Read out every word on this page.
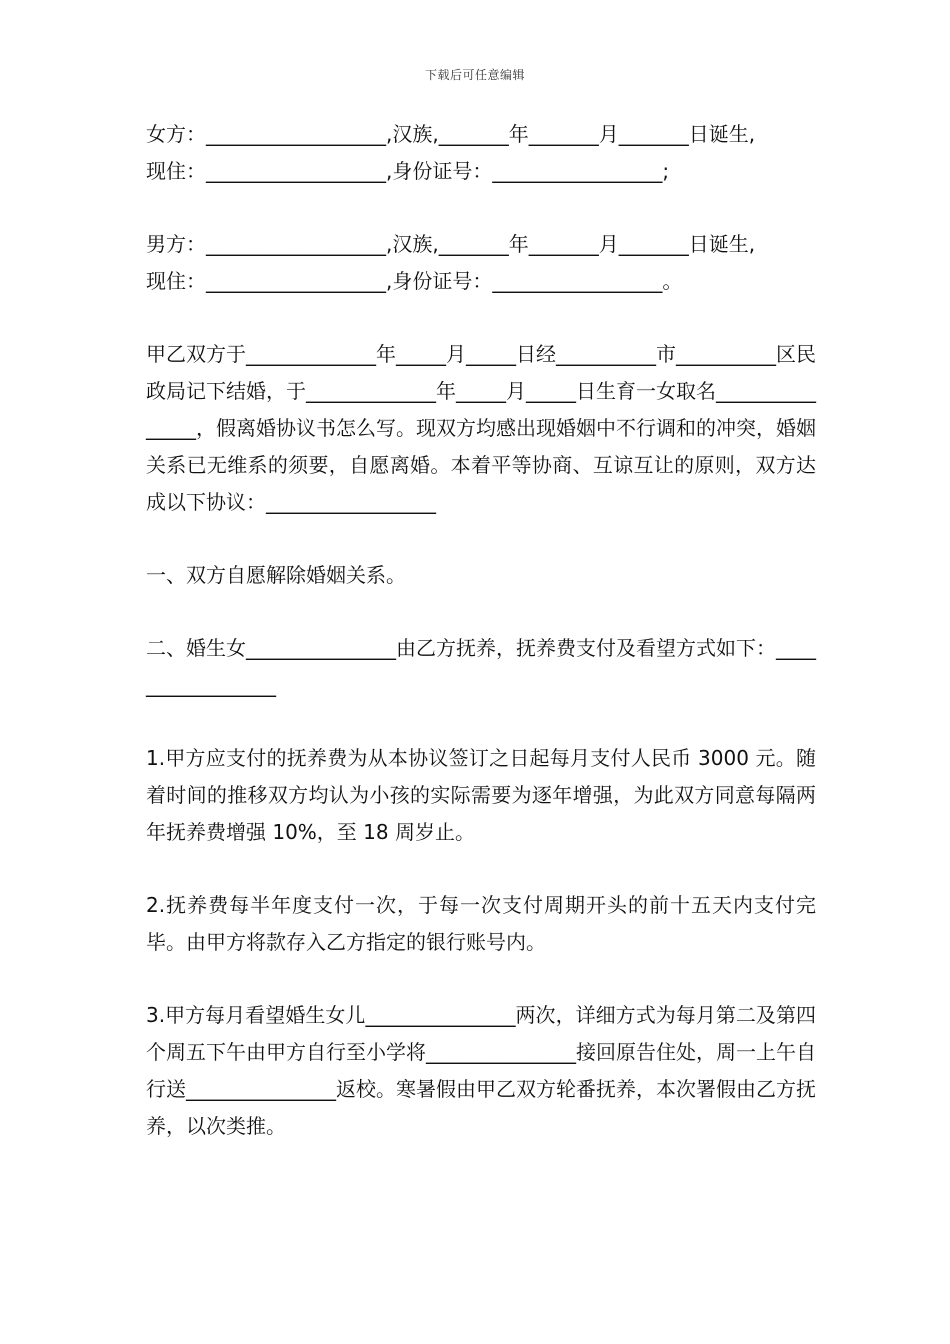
下载后可任意编辑

女方：__________________,汉族,_______年_______月_______日诞生,

现住：__________________,身份证号：_________________;

男方：__________________,汉族,_______年_______月_______日诞生,

现住：__________________,身份证号：_________________。

甲乙双方于_____________年_____月_____日经__________市__________区民政局记下结婚，于_____________年_____月_____日生育一女取名_______________，假离婚协议书怎么写。现双方均感出现婚姻中不行调和的冲突，婚姻关系已无维系的须要，自愿离婚。本着平等协商、互谅互让的原则，双方达成以下协议：_________________

一、双方自愿解除婚姻关系。

二、婚生女_______________由乙方抚养，抚养费支付及看望方式如下：_________________

1.甲方应支付的抚养费为从本协议签订之日起每月支付人民币 3000 元。随着时间的推移双方均认为小孩的实际需要为逐年增强，为此双方同意每隔两年抚养费增强 10%，至 18 周岁止。

2.抚养费每半年度支付一次，于每一次支付周期开头的前十五天内支付完毕。由甲方将款存入乙方指定的银行账号内。

3.甲方每月看望婚生女儿_______________两次，详细方式为每月第二及第四个周五下午由甲方自行至小学将_______________接回原告住处，周一上午自行送_______________返校。寒暑假由甲乙双方轮番抚养，本次署假由乙方抚养，以次类推。
